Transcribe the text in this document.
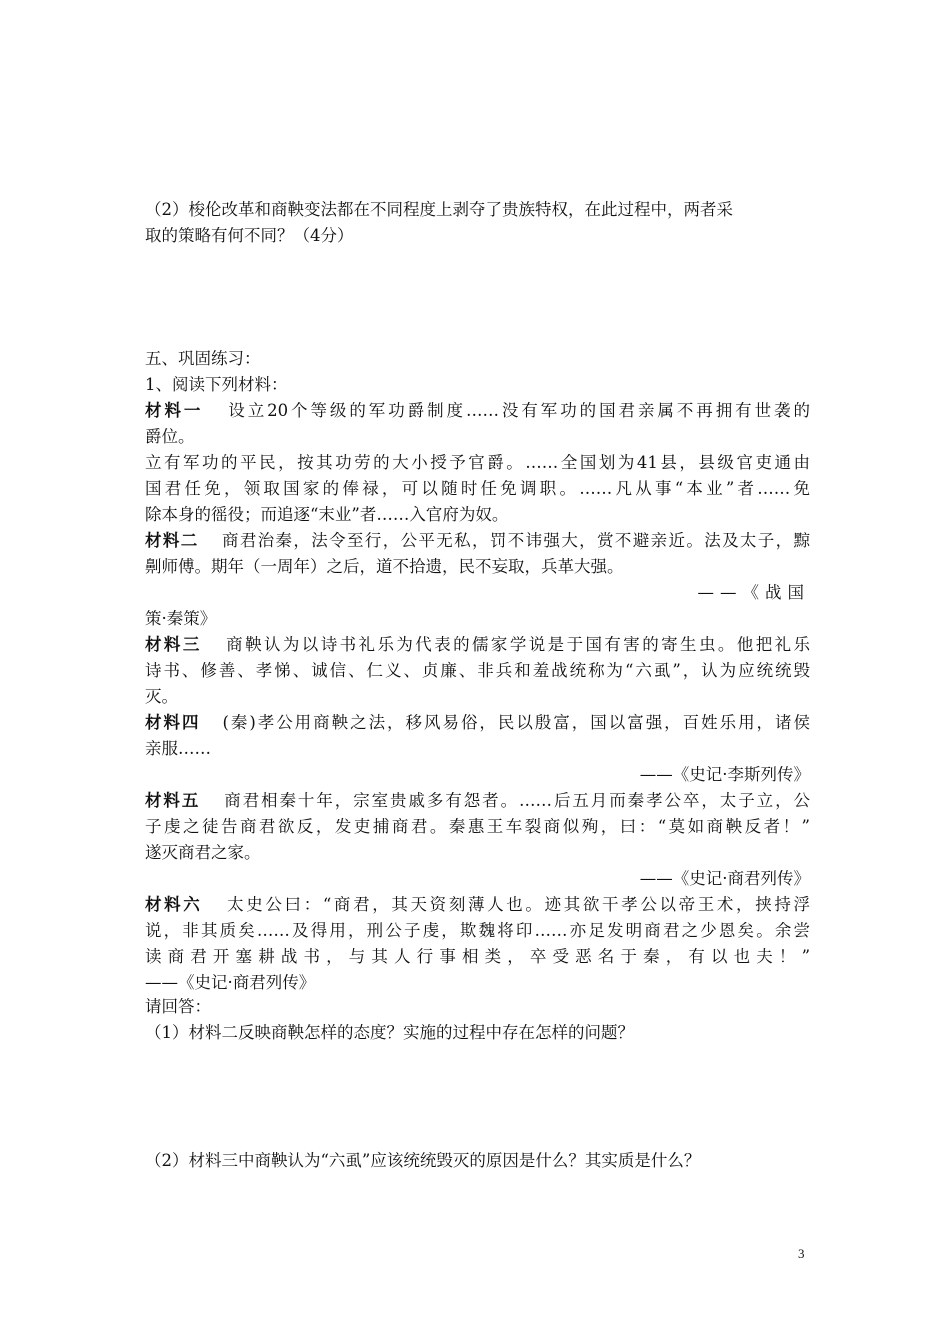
（2）梭伦改革和商鞅变法都在不同程度上剥夺了贵族特权，在此过程中，两者采
取的策略有何不同？（4分）
五、巩固练习：
1、阅读下列材料：
材料一 设立20个等级的军功爵制度……没有军功的国君亲属不再拥有世袭的
爵位。
立有军功的平民，按其功劳的大小授予官爵。……全国划为41县，县级官吏通由
国君任免，领取国家的俸禄，可以随时任免调职。……凡从事“本业”者……免
除本身的徭役；而追逐“末业”者……入官府为奴。
材料二 商君治秦，法令至行，公平无私，罚不讳强大，赏不避亲近。法及太子，黥
劓师傅。期年（一周年）之后，道不拾遗，民不妄取，兵革大强。
——《战国
策·秦策》
材料三 商鞅认为以诗书礼乐为代表的儒家学说是于国有害的寄生虫。他把礼乐
诗书、修善、孝悌、诚信、仁义、贞廉、非兵和羞战统称为“六虱”，认为应统统毁
灭。
材料四 (秦)孝公用商鞅之法，移风易俗，民以殷富，国以富强，百姓乐用，诸侯
亲服……
——《史记·李斯列传》
材料五 商君相秦十年，宗室贵戚多有怨者。……后五月而秦孝公卒，太子立，公
子虔之徒告商君欲反，发吏捕商君。秦惠王车裂商似殉，曰：“莫如商鞅反者！”
遂灭商君之家。
——《史记·商君列传》
材料六 太史公曰：“商君，其天资刻薄人也。迹其欲干孝公以帝王术，挟持浮
说，非其质矣……及得用，刑公子虔，欺魏将印……亦足发明商君之少恩矣。余尝
读商君开塞耕战书，与其人行事相类，卒受恶名于秦，有以也夫！”
——《史记·商君列传》
请回答：
（1）材料二反映商鞅怎样的态度？实施的过程中存在怎样的问题？
（2）材料三中商鞅认为“六虱”应该统统毁灭的原因是什么？其实质是什么？
3
